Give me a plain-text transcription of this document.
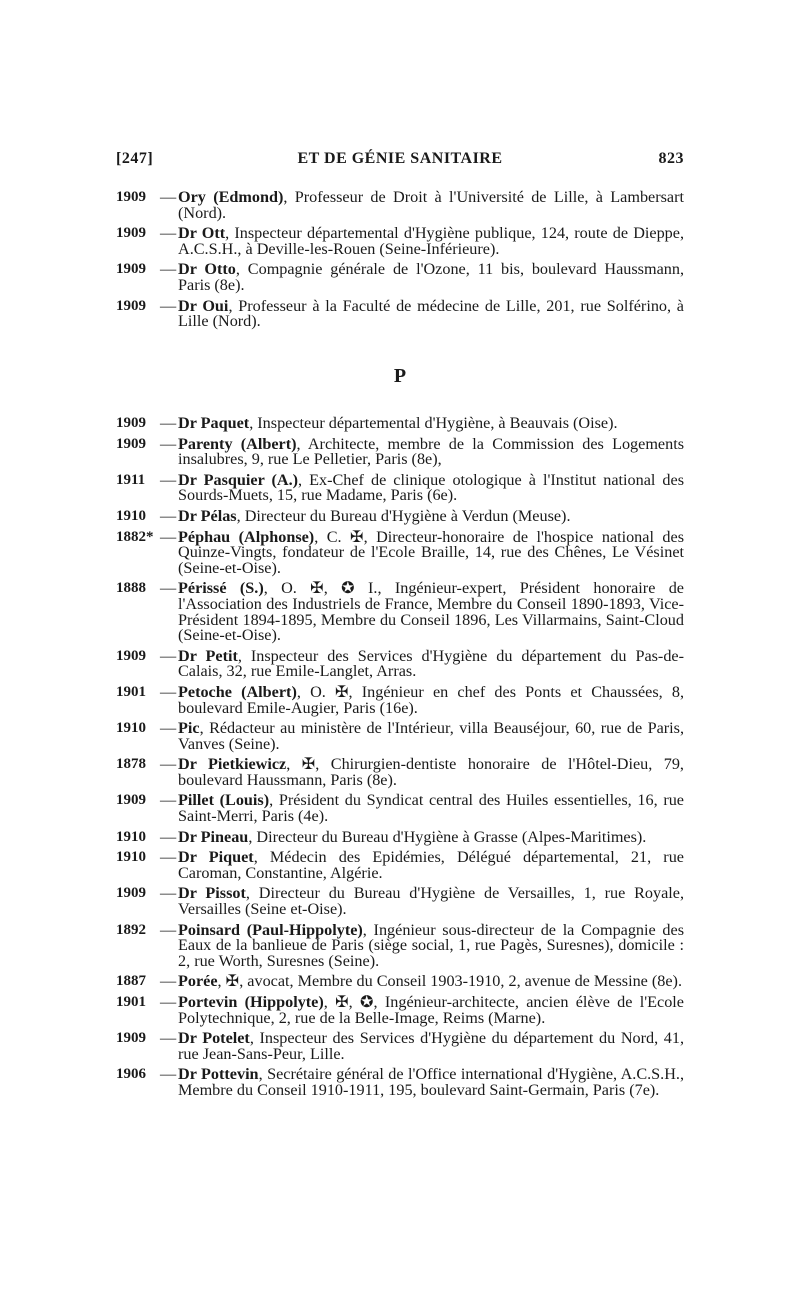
[247]	ET DE GÉNIE SANITAIRE	823
1909 — Ory (Edmond), Professeur de Droit à l'Université de Lille, à Lambersart (Nord).
1909 — Dr Ott, Inspecteur départemental d'Hygiène publique, 124, route de Dieppe, A.C.S.H., à Deville-les-Rouen (Seine-Inférieure).
1909 — Dr Otto, Compagnie générale de l'Ozone, 11 bis, boulevard Haussmann, Paris (8e).
1909 — Dr Oui, Professeur à la Faculté de médecine de Lille, 201, rue Solférino, à Lille (Nord).
P
1909 — Dr Paquet, Inspecteur départemental d'Hygiène, à Beauvais (Oise).
1909 — Parenty (Albert), Architecte, membre de la Commission des Logements insalubres, 9, rue Le Pelletier, Paris (8e),
1911 — Dr Pasquier (A.), Ex-Chef de clinique otologique à l'Institut national des Sourds-Muets, 15, rue Madame, Paris (6e).
1910 — Dr Pélas, Directeur du Bureau d'Hygiène à Verdun (Meuse).
1882* — Péphau (Alphonse), C. ✠, Directeur-honoraire de l'hospice national des Quinze-Vingts, fondateur de l'Ecole Braille, 14, rue des Chênes, Le Vésinet (Seine-et-Oise).
1888 — Périssé (S.), O. ✠, ✪ I., Ingénieur-expert, Président honoraire de l'Association des Industriels de France, Membre du Conseil 1890-1893, Vice-Président 1894-1895, Membre du Conseil 1896, Les Villarmains, Saint-Cloud (Seine-et-Oise).
1909 — Dr Petit, Inspecteur des Services d'Hygiène du département du Pas-de-Calais, 32, rue Emile-Langlet, Arras.
1901 — Petoche (Albert), O. ✠, Ingénieur en chef des Ponts et Chaussées, 8, boulevard Emile-Augier, Paris (16e).
1910 — Pic, Rédacteur au ministère de l'Intérieur, villa Beauséjour, 60, rue de Paris, Vanves (Seine).
1878 — Dr Pietkiewicz, ✠, Chirurgien-dentiste honoraire de l'Hôtel-Dieu, 79, boulevard Haussmann, Paris (8e).
1909 — Pillet (Louis), Président du Syndicat central des Huiles essentielles, 16, rue Saint-Merri, Paris (4e).
1910 — Dr Pineau, Directeur du Bureau d'Hygiène à Grasse (Alpes-Maritimes).
1910 — Dr Piquet, Médecin des Epidémies, Délégué départemental, 21, rue Caroman, Constantine, Algérie.
1909 — Dr Pissot, Directeur du Bureau d'Hygiène de Versailles, 1, rue Royale, Versailles (Seine et-Oise).
1892 — Poinsard (Paul-Hippolyte), Ingénieur sous-directeur de la Compagnie des Eaux de la banlieue de Paris (siège social, 1, rue Pagès, Suresnes), domicile : 2, rue Worth, Suresnes (Seine).
1887 — Porée, ✠, avocat, Membre du Conseil 1903-1910, 2, avenue de Messine (8e).
1901 — Portevin (Hippolyte), ✠, ✪, Ingénieur-architecte, ancien élève de l'Ecole Polytechnique, 2, rue de la Belle-Image, Reims (Marne).
1909 — Dr Potelet, Inspecteur des Services d'Hygiène du département du Nord, 41, rue Jean-Sans-Peur, Lille.
1906 — Dr Pottevin, Secrétaire général de l'Office international d'Hygiène, A.C.S.H., Membre du Conseil 1910-1911, 195, boulevard Saint-Germain, Paris (7e).
